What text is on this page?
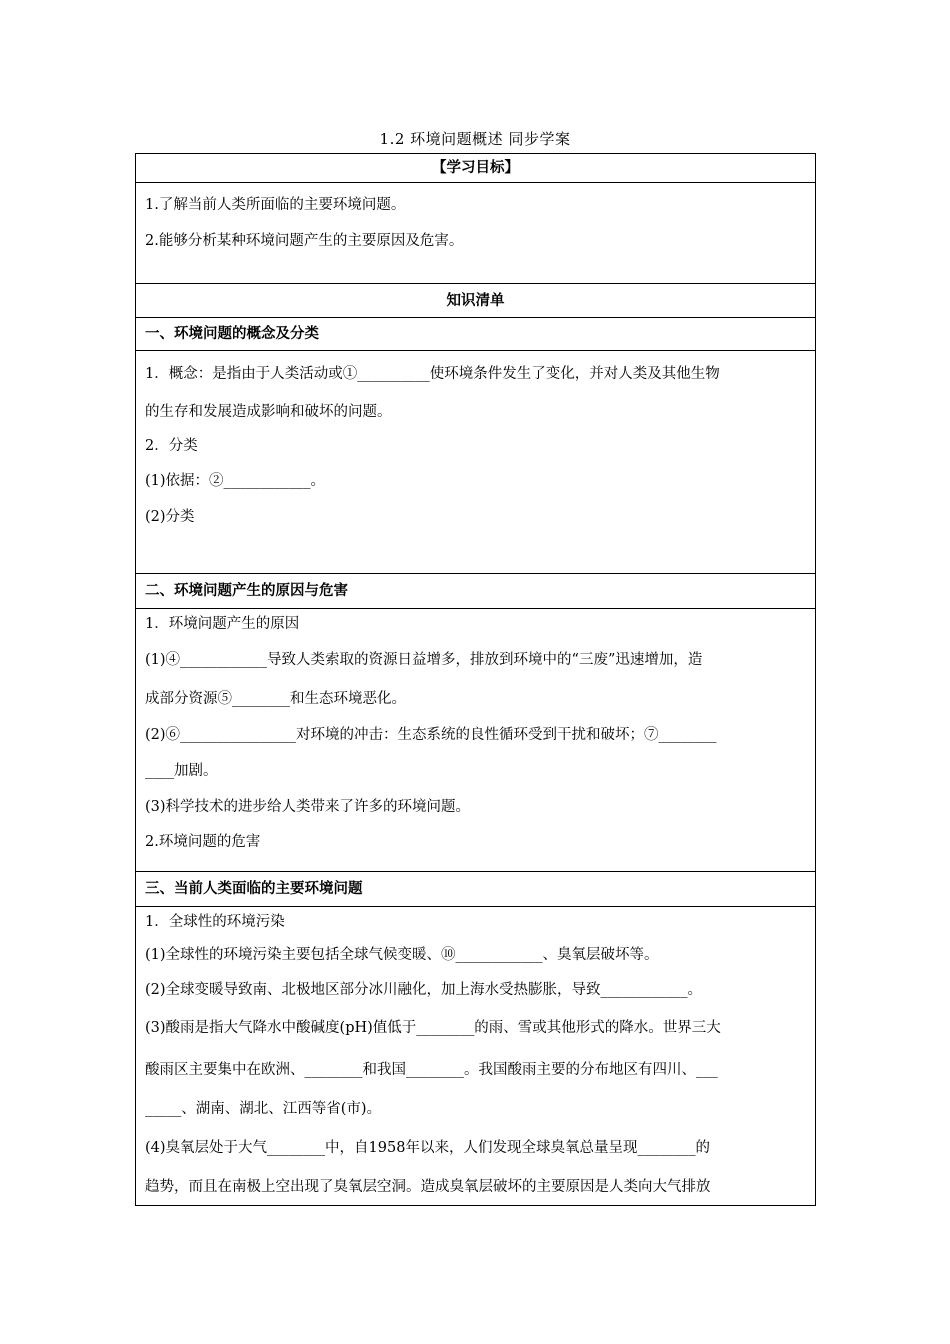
1.2 环境问题概述 同步学案
【学习目标】

1.了解当前人类所面临的主要环境问题。
2.能够分析某种环境问题产生的主要原因及危害。

知识清单
一、环境问题的概念及分类

1．概念：是指由于人类活动或①__________使环境条件发生了变化，并对人类及其他生物
的生存和发展造成影响和破坏的问题。
2．分类
(1)依据：②____________。
(2)分类

二、环境问题产生的原因与危害

1．环境问题产生的原因
(1)④____________导致人类索取的资源日益增多，排放到环境中的“三废”迅速增加，造
成部分资源⑤________和生态环境恶化。
(2)⑥________________对环境的冲击：生态系统的良性循环受到干扰和破坏；⑦________
____加剧。
(3)科学技术的进步给人类带来了许多的环境问题。
2.环境问题的危害

三、当前人类面临的主要环境问题

1．全球性的环境污染
(1)全球性的环境污染主要包括全球气候变暖、⑩____________、臭氧层破坏等。
(2)全球变暖导致南、北极地区部分冰川融化，加上海水受热膨胀，导致____________。
(3)酸雨是指大气降水中酸碱度(pH)值低于________的雨、雪或其他形式的降水。世界三大
酸雨区主要集中在欧洲、________和我国________。我国酸雨主要的分布地区有四川、___
_____、湖南、湖北、江西等省(市)。
(4)臭氧层处于大气________中，自1958年以来，人们发现全球臭氧总量呈现________的
趋势，而且在南极上空出现了臭氧层空洞。造成臭氧层破坏的主要原因是人类向大气排放
